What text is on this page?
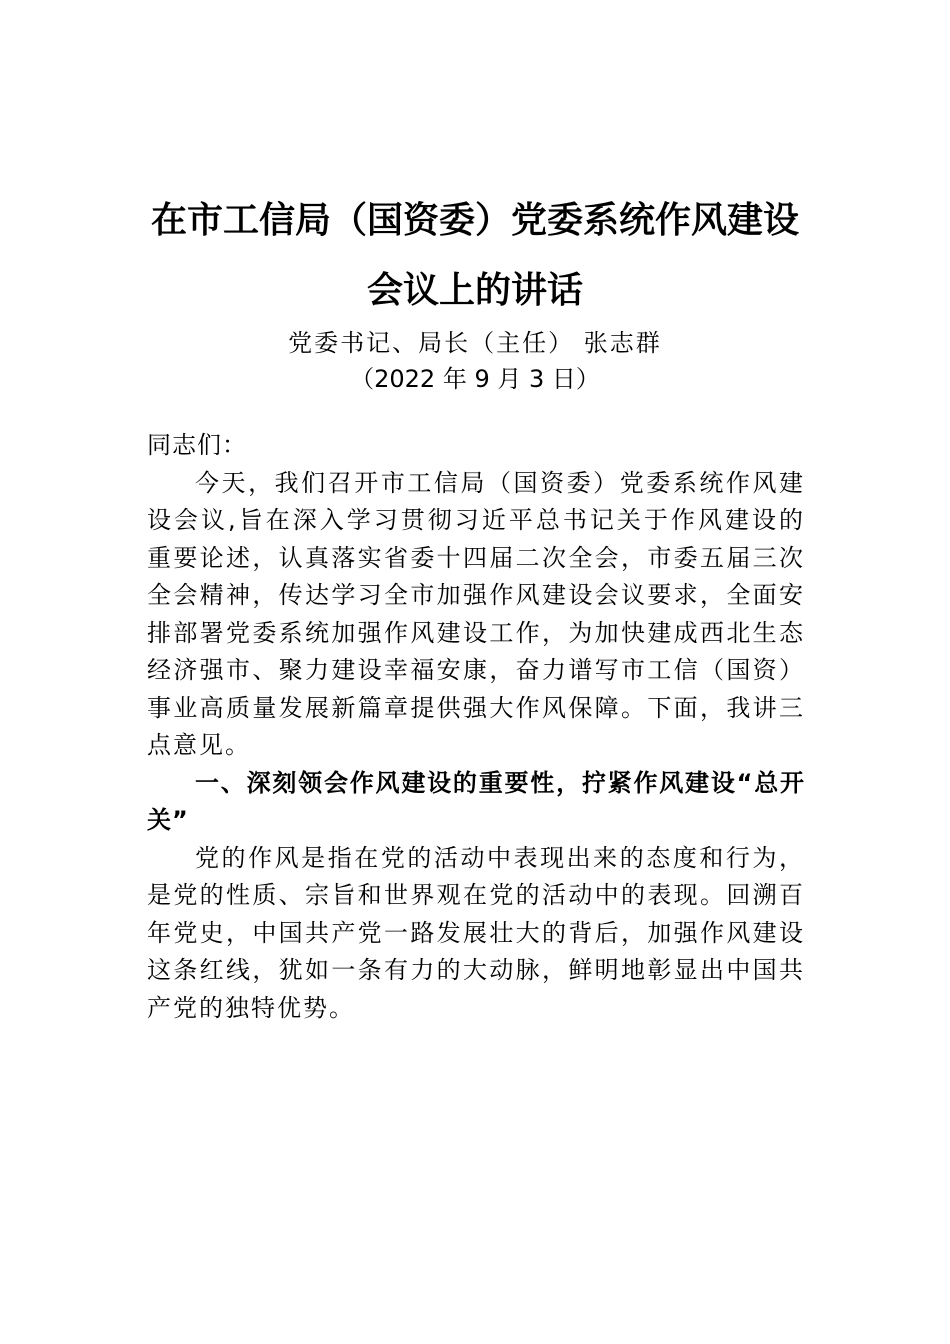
在市工信局（国资委）党委系统作风建设
会议上的讲话
党委书记、局长（主任） 张志群
（2022 年 9 月 3 日）

同志们：

今天，我们召开市工信局（国资委）党委系统作风建设会议,旨在深入学习贯彻习近平总书记关于作风建设的重要论述，认真落实省委十四届二次全会，市委五届三次全会精神，传达学习全市加强作风建设会议要求，全面安排部署党委系统加强作风建设工作，为加快建成西北生态经济强市、聚力建设幸福安康，奋力谱写市工信（国资）事业高质量发展新篇章提供强大作风保障。下面，我讲三点意见。

一、深刻领会作风建设的重要性，拧紧作风建设“总开关”

党的作风是指在党的活动中表现出来的态度和行为，是党的性质、宗旨和世界观在党的活动中的表现。回溯百年党史，中国共产党一路发展壮大的背后，加强作风建设这条红线，犹如一条有力的大动脉，鲜明地彰显出中国共产党的独特优势。
